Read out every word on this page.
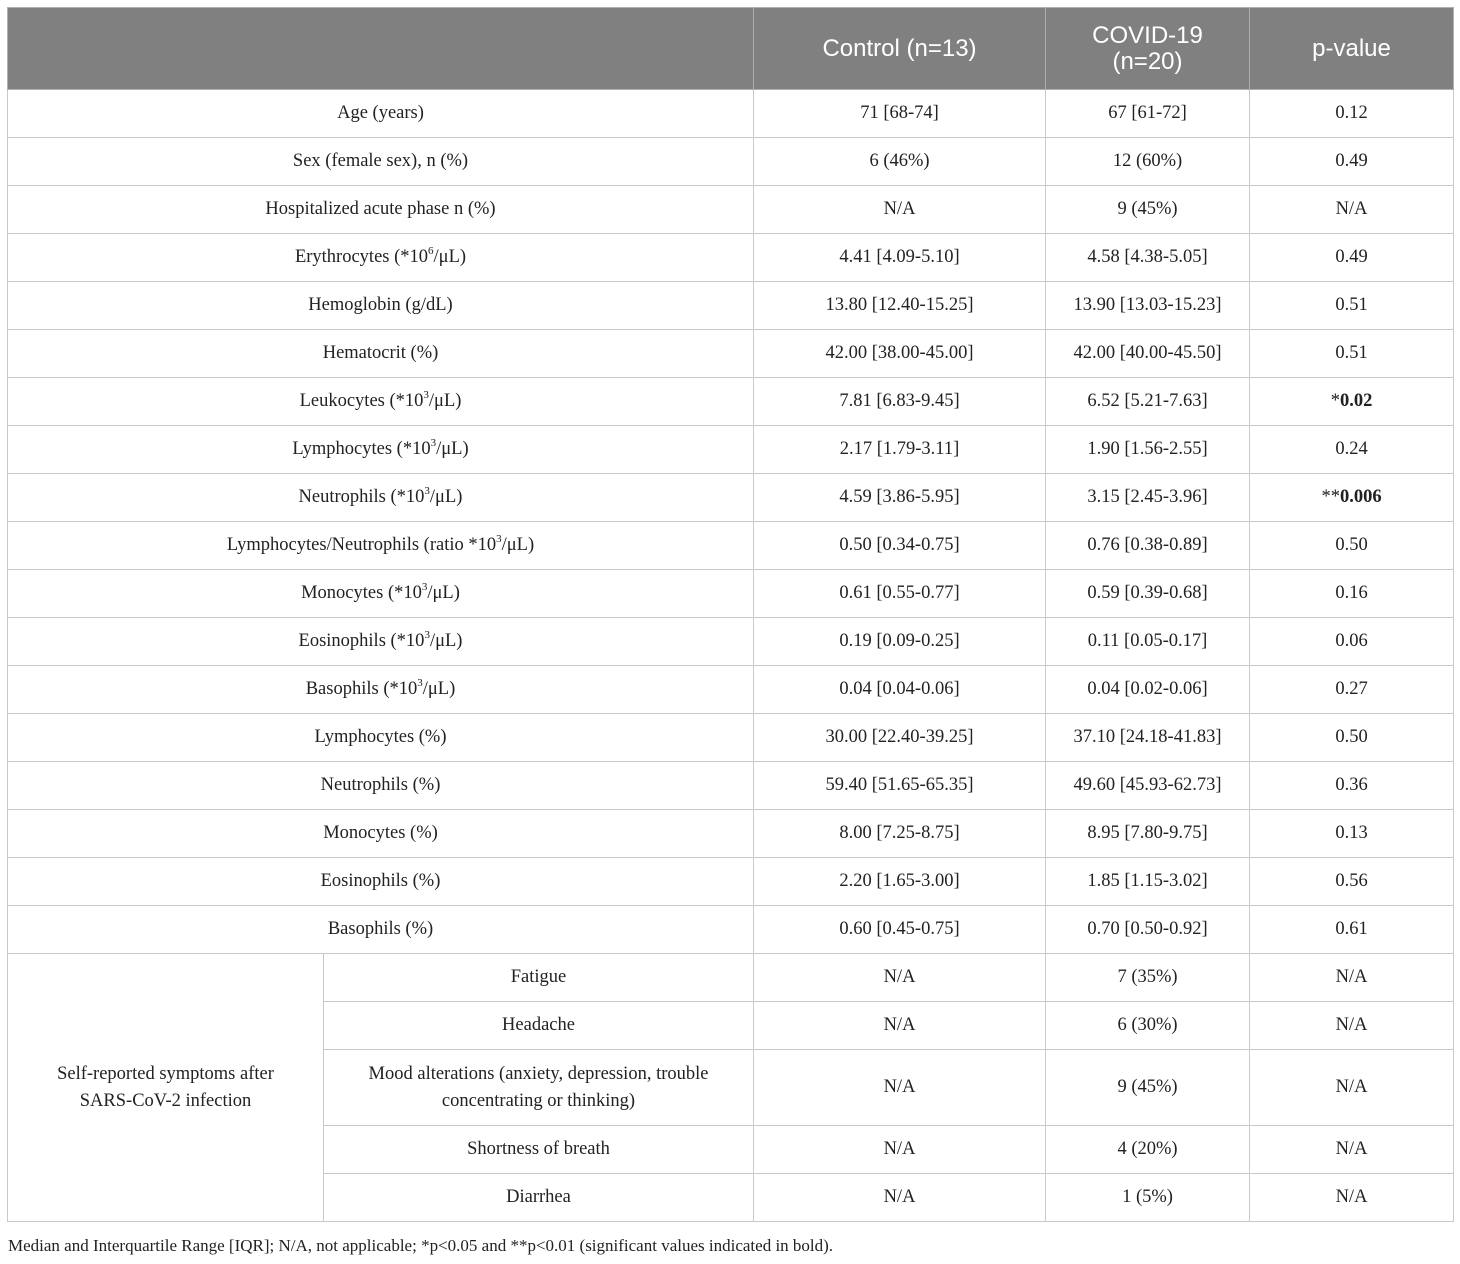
		Control (n=13)	COVID-19
(n=20)	p-value
Age (years)		71 [68-74]	67 [61-72]	0.12
Sex (female sex), n (%)		6 (46%)	12 (60%)	0.49
Hospitalized acute phase n (%)		N/A	9 (45%)	N/A
Erythrocytes $(*10^6/\mu L)$		4.41 [4.09-5.10]	4.58 [4.38-5.05]	0.49
Hemoglobin (g/dL)		13.80 [12.40-15.25]	13.90 [13.03-15.23]	0.51
Hematocrit (%)		42.00 [38.00-45.00]	42.00 [40.00-45.50]	0.51
Leukocytes $(*10^3/\mu L)$		7.81 [6.83-9.45]	6.52 [5.21-7.63]	*0.02
Lymphocytes $(*10^3/\mu L)$		2.17 [1.79-3.11]	1.90 [1.56-2.55]	0.24
Neutrophils $(*10^3/\mu L)$		4.59 [3.86-5.95]	3.15 [2.45-3.96]	**0.006
Lymphocytes/Neutrophils (ratio $*10^3/\mu L$)		0.50 [0.34-0.75]	0.76 [0.38-0.89]	0.50
Monocytes $(*10^3/\mu L)$		0.61 [0.55-0.77]	0.59 [0.39-0.68]	0.16
Eosinophils $(*10^3/\mu L)$		0.19 [0.09-0.25]	0.11 [0.05-0.17]	0.06
Basophils $(*10^3/\mu L)$		0.04 [0.04-0.06]	0.04 [0.02-0.06]	0.27
Lymphocytes (%)		30.00 [22.40-39.25]	37.10 [24.18-41.83]	0.50
Neutrophils (%)		59.40 [51.65-65.35]	49.60 [45.93-62.73]	0.36
Monocytes (%)		8.00 [7.25-8.75]	8.95 [7.80-9.75]	0.13
Eosinophils (%)		2.20 [1.65-3.00]	1.85 [1.15-3.02]	0.56
Basophils (%)		0.60 [0.45-0.75]	0.70 [0.50-0.92]	0.61
Self-reported symptoms after
SARS-CoV-2 infection	Fatigue	N/A	7 (35%)	N/A
	Headache	N/A	6 (30%)	N/A
	Mood alterations (anxiety, depression, trouble
concentrating or thinking)	N/A	9 (45%)	N/A
	Shortness of breath	N/A	4 (20%)	N/A
	Diarrhea	N/A	1 (5%)	N/A
Median and Interquartile Range [IQR]; N/A, not applicable; *p<0.05 and **p<0.01 (significant values indicated in bold).
